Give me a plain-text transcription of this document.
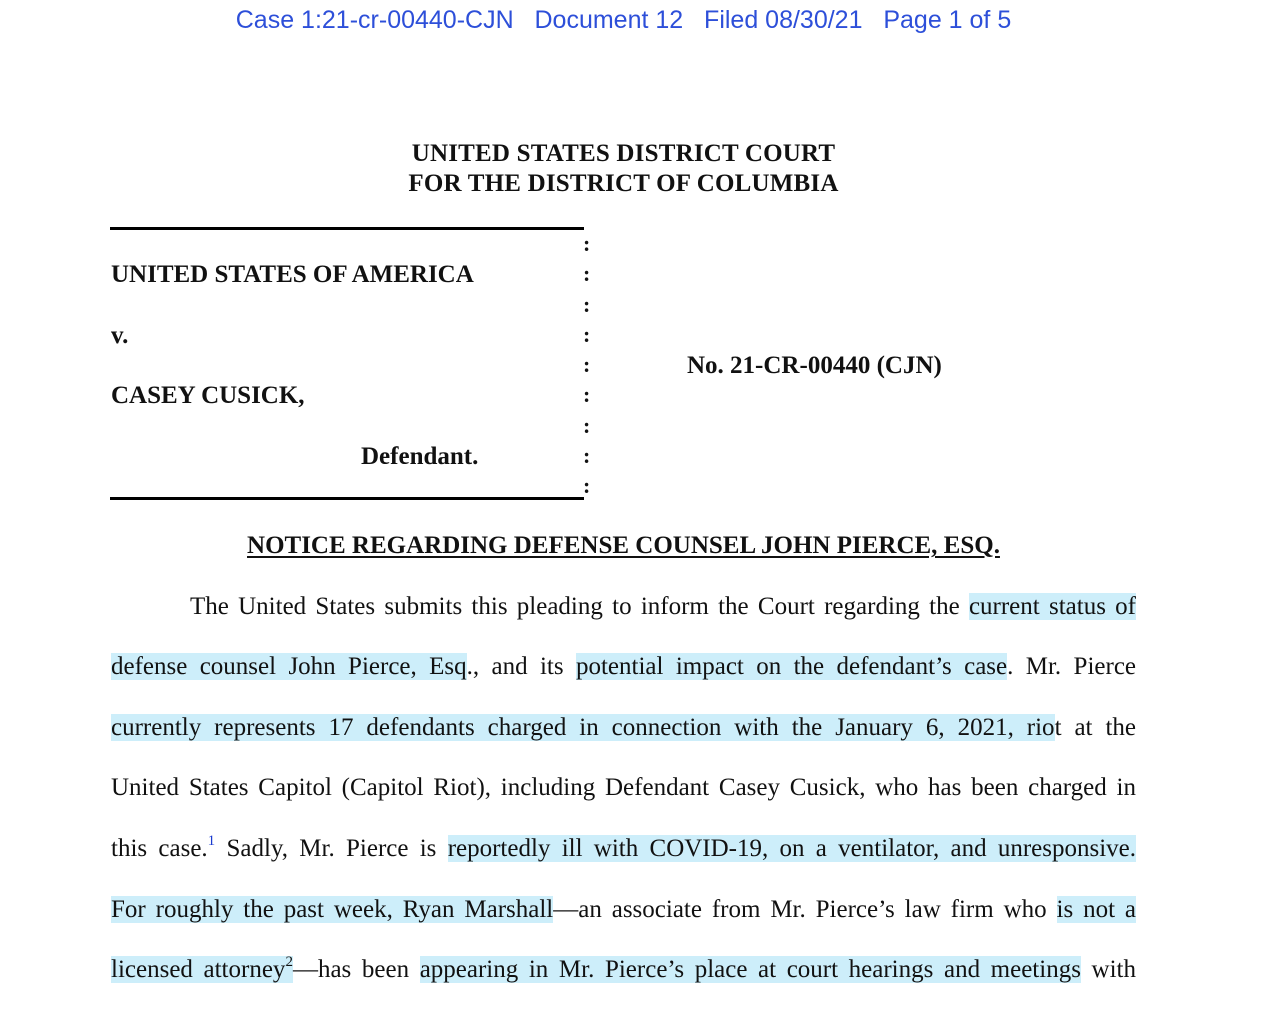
Case 1:21-cr-00440-CJN Document 12 Filed 08/30/21 Page 1 of 5
UNITED STATES DISTRICT COURT
FOR THE DISTRICT OF COLUMBIA
:
:
:
:
:
:
:
:
:
UNITED STATES OF AMERICA
v.
CASEY CUSICK,
Defendant.
No. 21-CR-00440 (CJN)
NOTICE REGARDING DEFENSE COUNSEL JOHN PIERCE, ESQ.
The United States submits this pleading to inform the Court regarding the current status of
defense counsel John Pierce, Esq., and its potential impact on the defendant’s case. Mr. Pierce
currently represents 17 defendants charged in connection with the January 6, 2021, riot at the
United States Capitol (Capitol Riot), including Defendant Casey Cusick, who has been charged in
this case.$^1$ Sadly, Mr. Pierce is reportedly ill with COVID-19, on a ventilator, and unresponsive.
For roughly the past week, Ryan Marshall—an associate from Mr. Pierce’s law firm who is not a
licensed attorney$^2$—has been appearing in Mr. Pierce’s place at court hearings and meetings with
